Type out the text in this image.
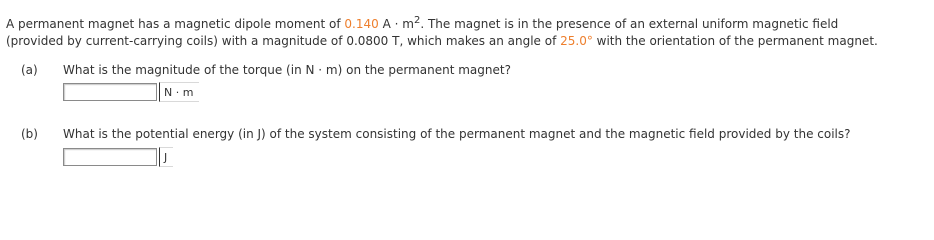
A permanent magnet has a magnetic dipole moment of 0.140 $A \cdot m^2$. The magnet is in the presence of an external uniform magnetic field
(provided by current-carrying coils) with a magnitude of 0.0800 T, which makes an angle of 25.0° with the orientation of the permanent magnet.
(a) What is the magnitude of the torque (in N · m) on the permanent magnet?
N · m
(b) What is the potential energy (in J) of the system consisting of the permanent magnet and the magnetic field provided by the coils?
J
